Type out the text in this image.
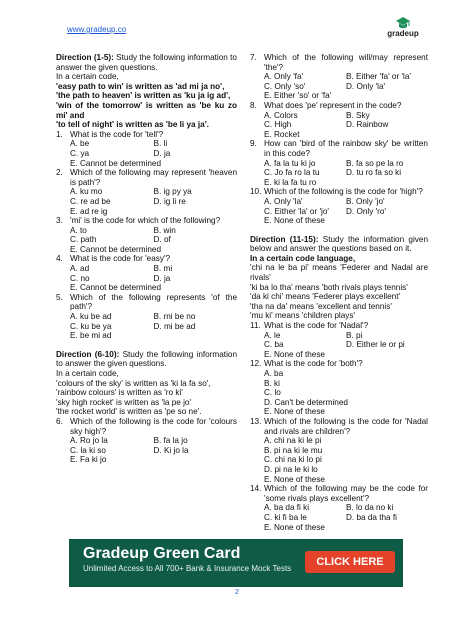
www.gradeup.co	gradeup

Direction (1-5): Study the following information to answer the given questions.

In a certain code,

'easy path to win' is written as 'ad mi ja no',

'the path to heaven' is written as 'ku ja ig ad',

'win of the tomorrow' is written as 'be ku zo mi' and

'to tell of night' is written as 'be li ya ja'.

1. What is the code for 'tell'?
A. be	B. li
C. ya	D. ja
E. Cannot be determined
2. Which of the following may represent 'heaven is path'?
A. ku mo	B. ig py ya
C. re ad be	D. ig li re
E. ad re ig
3. 'mi' is the code for which of the following?
A. to	B. win
C. path	D. of
E. Cannot be determined
4. What is the code for 'easy'?
A. ad	B. mi
C. no	D. ja
E. Cannot be determined
5. Which of the following represents 'of the path'?
A. ku be ad	B. rni be no
C. ku be ya	D. mi be ad
E. be mi ad

Direction (6-10): Study the following information to answer the given questions.

In a certain code,

'colours of the sky' is written as 'ki la fa so',

'rainbow colours' is written as 'ro ki'

'sky high rocket' is written as 'la pe jo'

'the rocket world' is written as 'pe so ne'.

6. Which of the following is the code for 'colours sky high'?
A. Ro jo la	B. fa la jo
C. la ki so	D. Ki jo la
E. Fa ki jo
7. Which of the following will/may represent 'the'?
A. Only 'fa'	B. Either 'fa' or 'la'
C. Only 'so'	D. Only 'la'
E. Either 'so' or 'fa'
8. What does 'pe' represent in the code?
A. Colors	B. Sky
C. High	D. Rainbow
E. Rocket
9. How can 'bird of the rainbow sky' be written in this code?
A. fa la tu ki jo	B. fa so pe la ro
C. Jo fa ro la tu	D. tu ro fa so ki
E. ki la fa tu ro
10. Which of the following is the code for 'high'?
A. Only 'la'	B. Only 'jo'
C. Either 'la' or 'jo'	D. Only 'ro'
E. None of these

Direction (11-15): Study the information given below and answer the questions based on it.

In a certain code language,

'chi na le ba pi' means 'Federer and Nadal are rivals'

'ki ba lo tha' means 'both rivals plays tennis'

'da ki chi' means 'Federer plays excellent'

'tha na da' means 'excellent and tennis'

'mu ki' means 'children plays'

11. What is the code for 'Nadal'?
A. le	B. pi
C. ba	D. Either le or pi
E. None of these
12. What is the code for 'both'?
A. ba
B. ki
C. lo
D. Can't be determined
E. None of these
13. Which of the following is the code for 'Nadal and rivals are children'?
A. chi na ki le pi
B. pi na ki le mu
C. chi na ki lo pi
D. pi na le ki lo
E. None of these
14. Which of the following may be the code for 'some rivals plays excellent'?
A. ba da fi ki	B. lo da no ki
C. ki fi ba le	D. ba da tha fi
E. None of these
Gradeup Green Card
Unlimited Access to All 700+ Bank & Insurance Mock Tests
CLICK HERE
2
